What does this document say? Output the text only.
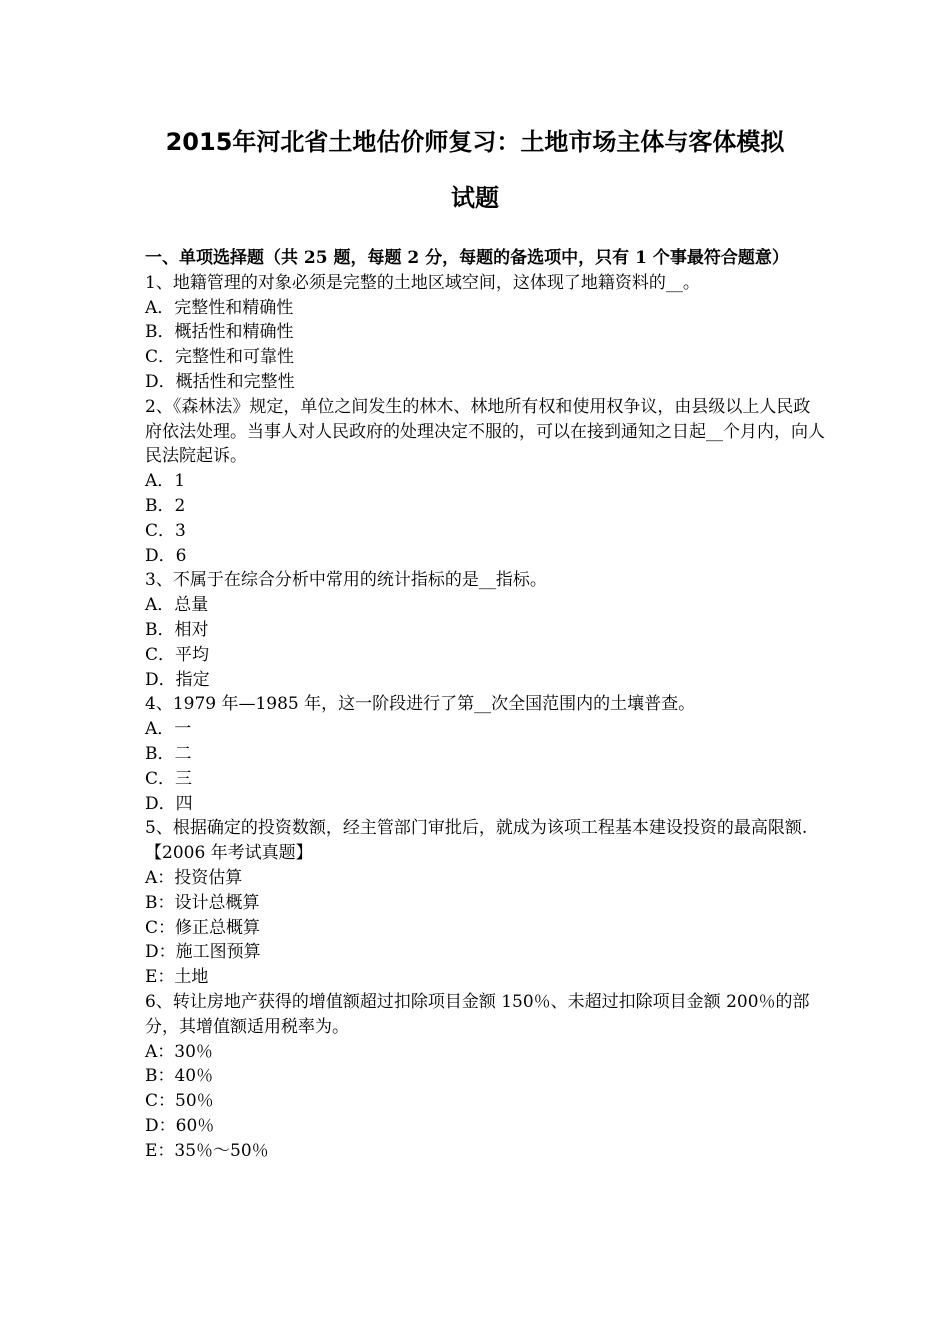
2015年河北省土地估价师复习：土地市场主体与客体模拟
试题

一、单项选择题（共 25 题，每题 2 分，每题的备选项中，只有 1 个事最符合题意）

1、地籍管理的对象必须是完整的土地区域空间，这体现了地籍资料的__。

A．完整性和精确性
B．概括性和精确性
C．完整性和可靠性
D．概括性和完整性

2、《森林法》规定，单位之间发生的林木、林地所有权和使用权争议，由县级以上人民政府依法处理。当事人对人民政府的处理决定不服的，可以在接到通知之日起__个月内，向人民法院起诉。

A．1
B．2
C．3
D．6

3、不属于在综合分析中常用的统计指标的是__指标。

A．总量
B．相对
C．平均
D．指定

4、1979 年—1985 年，这一阶段进行了第__次全国范围内的土壤普查。

A．一
B．二
C．三
D．四

5、根据确定的投资数额，经主管部门审批后，就成为该项工程基本建设投资的最高限额.【2006 年考试真题】

A：投资估算
B：设计总概算
C：修正总概算
D：施工图预算
E：土地

6、转让房地产获得的增值额超过扣除项目金额 150％、未超过扣除项目金额 200％的部分，其增值额适用税率为。

A：30％
B：40％
C：50％
D：60％
E：35％～50％
